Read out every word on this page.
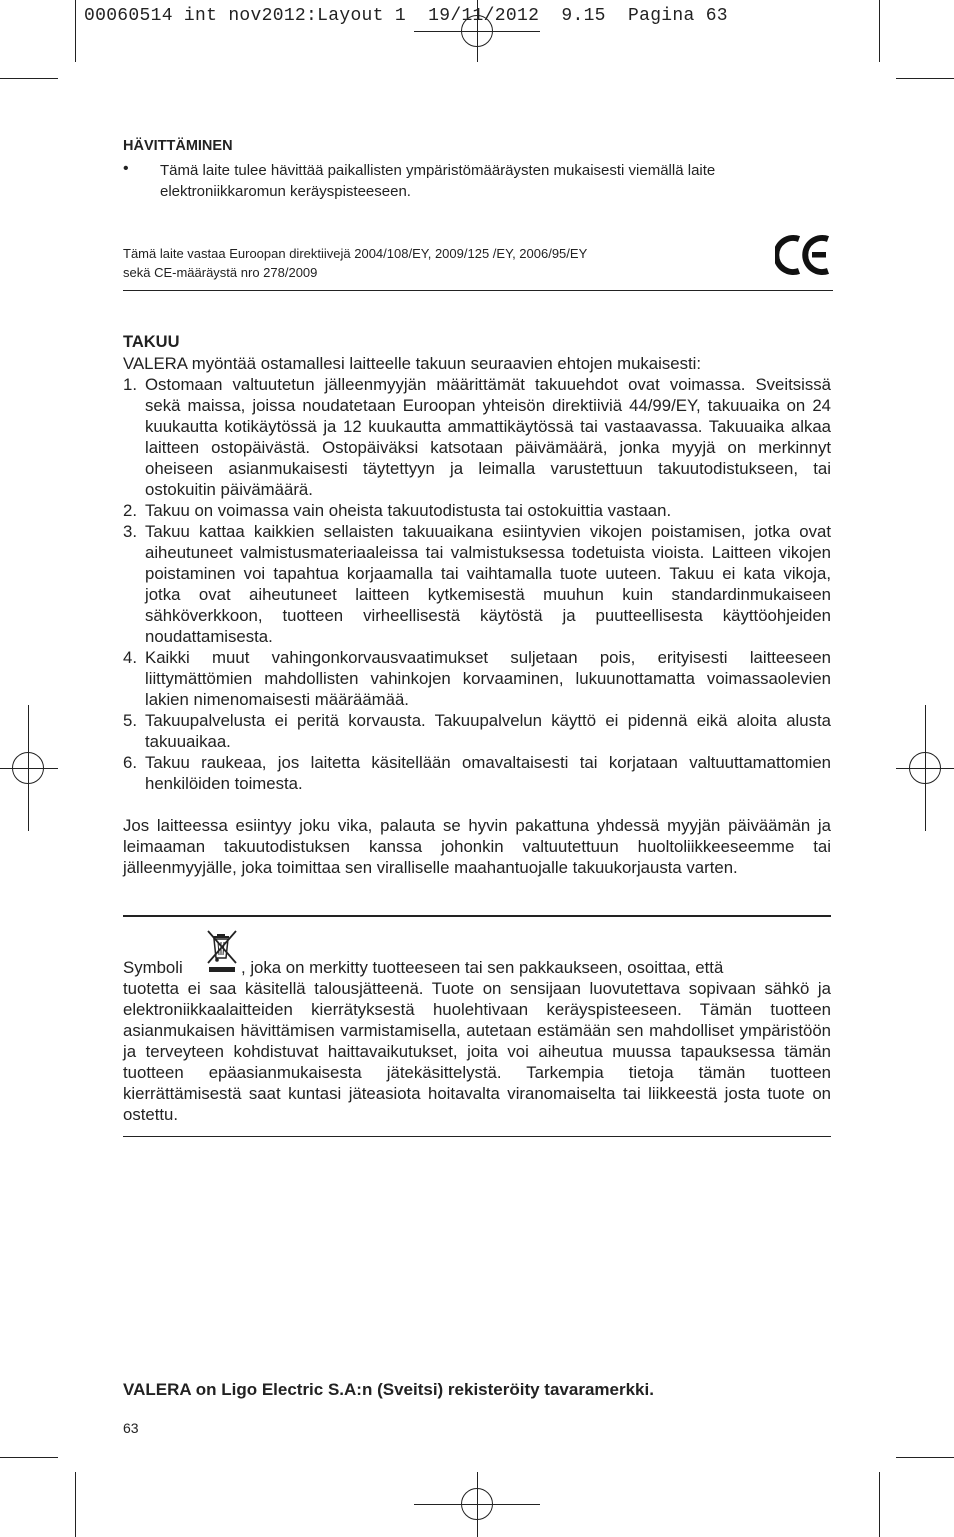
00060514 int nov2012:Layout 1  19/11/2012  9.15  Pagina 63
HÄVITTÄMINEN
• Tämä laite tulee hävittää paikallisten ympäristömääräysten mukaisesti viemällä laite elektroniikkaromun keräyspisteeseen.
Tämä laite vastaa Euroopan direktiivejä 2004/108/EY, 2009/125 /EY, 2006/95/EY
sekä CE-määräystä nro 278/2009
TAKUU
VALERA myöntää ostamallesi laitteelle takuun seuraavien ehtojen mukaisesti:
1. Ostomaan valtuutetun jälleenmyyjän määrittämät takuuehdot ovat voimassa. Sveitsissä sekä maissa, joissa noudatetaan Euroopan yhteisön direktiiviä 44/99/EY, takuuaika on 24 kuukautta kotikäytössä ja 12 kuukautta ammattikäytössä tai vastaavassa. Takuuaika alkaa laitteen ostopäivästä. Ostopäiväksi katsotaan päivämäärä, jonka myyjä on merkinnyt oheiseen asianmukaisesti täytettyyn ja leimalla varustettuun takuutodistukseen, tai ostokuitin päivämäärä.
2. Takuu on voimassa vain oheista takuutodistusta tai ostokuittia vastaan.
3. Takuu kattaa kaikkien sellaisten takuuaikana esiintyvien vikojen poistamisen, jotka ovat aiheutuneet valmistusmateriaaleissa tai valmistuksessa todetuista vioista. Laitteen vikojen poistaminen voi tapahtua korjaamalla tai vaihtamalla tuote uuteen. Takuu ei kata vikoja, jotka ovat aiheutuneet laitteen kytkemisestä muuhun kuin standardinmukaiseen sähköverkkoon, tuotteen virheellisestä käytöstä ja puutteellisesta käyttöohjeiden noudattamisesta.
4. Kaikki muut vahingonkorvausvaatimukset suljetaan pois, erityisesti laitteeseen liittymättömien mahdollisten vahinkojen korvaaminen, lukuunottamatta voimassaolevien lakien nimenomaisesti määräämää.
5. Takuupalvelusta ei peritä korvausta. Takuupalvelun käyttö ei pidennä eikä aloita alusta takuuaikaa.
6. Takuu raukeaa, jos laitetta käsitellään omavaltaisesti tai korjataan valtuuttamattomien henkilöiden toimesta.
Jos laitteessa esiintyy joku vika, palauta se hyvin pakattuna yhdessä myyjän päiväämän ja leimaaman takuutodistuksen kanssa johonkin valtuutettuun huoltoliikkeeseemme tai jälleenmyyjälle, joka toimittaa sen viralliselle maahantuojalle takuukorjausta varten.
Symboli	, joka on merkitty tuotteeseen tai sen pakkaukseen, osoittaa, että
tuotetta ei saa käsitellä talousjätteenä. Tuote on sensijaan luovutettava sopivaan sähkö ja elektroniikkaalaitteiden kierrätyksestä huolehtivaan keräyspisteeseen. Tämän tuotteen asianmukaisen hävittämisen varmistamisella, autetaan estämään sen mahdolliset ympäristöön ja terveyteen kohdistuvat haittavaikutukset, joita voi aiheutua muussa tapauksessa tämän tuotteen epäasianmukaisesta jätekäsittelystä. Tarkempia tietoja tämän tuotteen kierrättämisestä saat kuntasi jäteasiota hoitavalta viranomaiselta tai liikkeestä josta tuote on ostettu.
VALERA on Ligo Electric S.A:n (Sveitsi) rekisteröity tavaramerkki.
63
